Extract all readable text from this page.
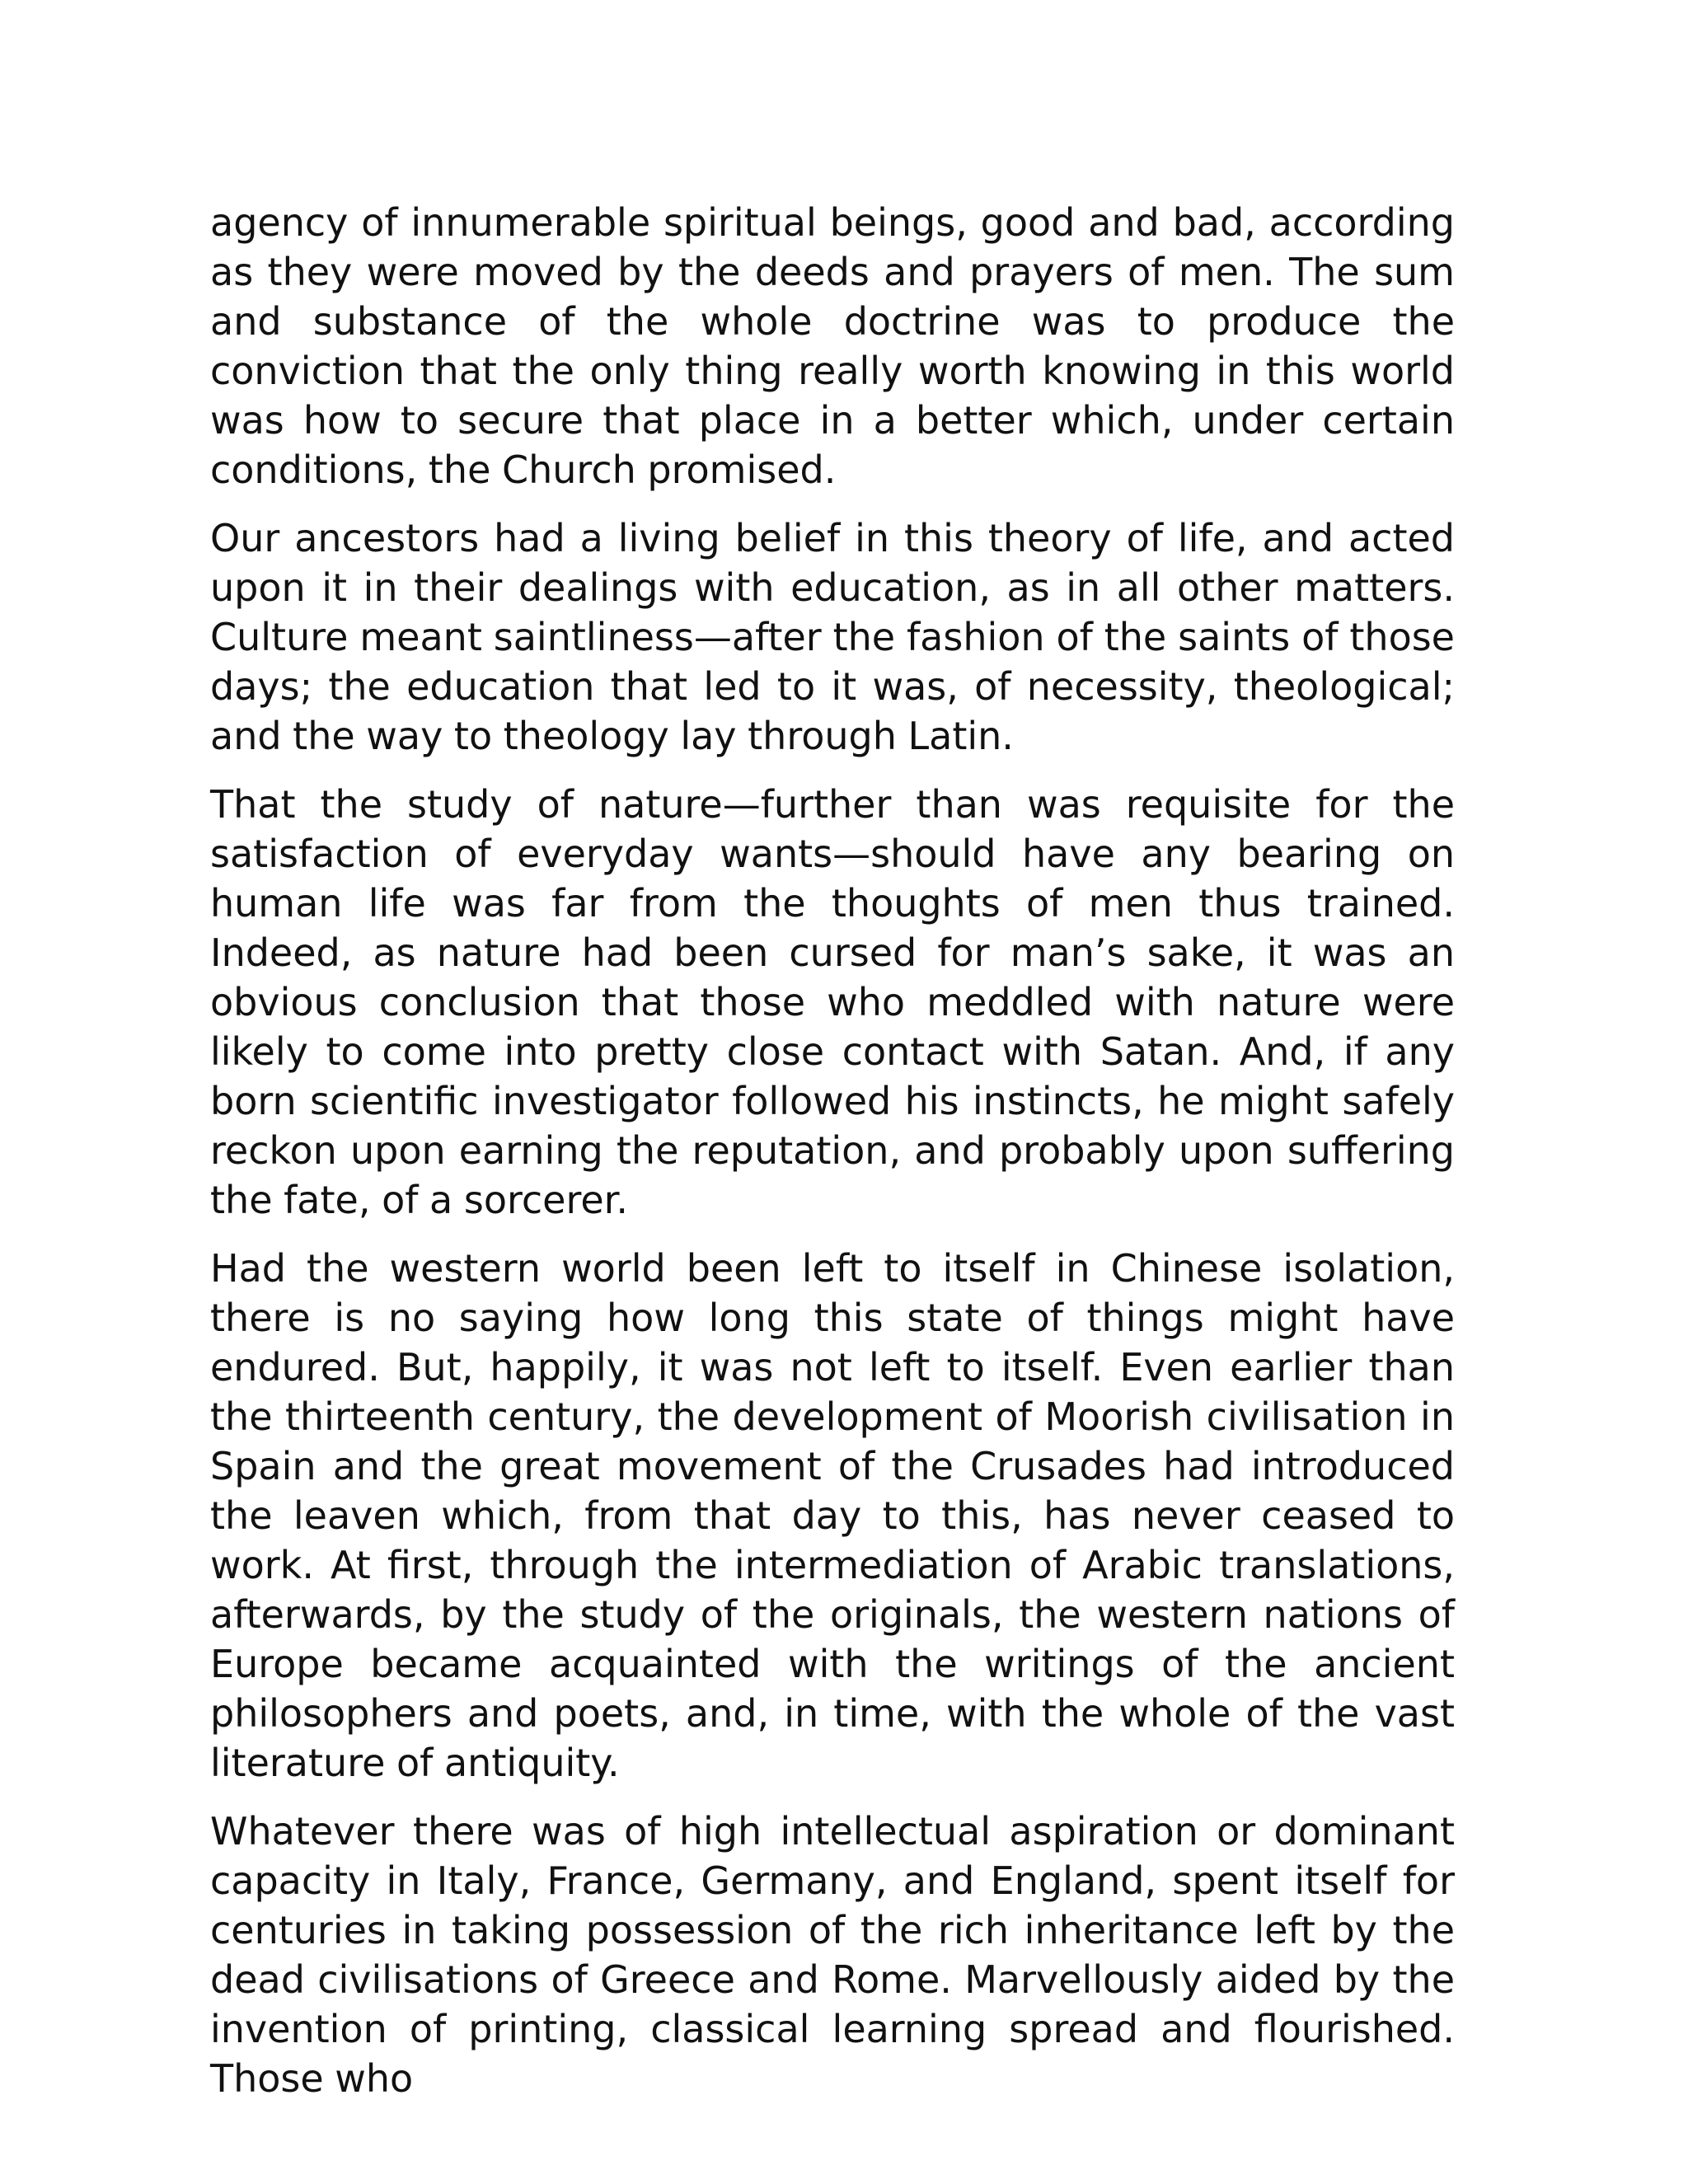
agency of innumerable spiritual beings, good and bad, according as they were moved by the deeds and prayers of men. The sum and substance of the whole doctrine was to produce the conviction that the only thing really worth knowing in this world was how to secure that place in a better which, under certain conditions, the Church promised.

Our ancestors had a living belief in this theory of life, and acted upon it in their dealings with education, as in all other matters. Culture meant saintliness—after the fashion of the saints of those days; the education that led to it was, of necessity, theological; and the way to theology lay through Latin.

That the study of nature—further than was requisite for the satisfaction of everyday wants—should have any bearing on human life was far from the thoughts of men thus trained. Indeed, as nature had been cursed for man’s sake, it was an obvious conclusion that those who meddled with nature were likely to come into pretty close contact with Satan. And, if any born scientific investigator followed his instincts, he might safely reckon upon earning the reputation, and probably upon suffering the fate, of a sorcerer.

Had the western world been left to itself in Chinese isolation, there is no saying how long this state of things might have endured. But, happily, it was not left to itself. Even earlier than the thirteenth century, the development of Moorish civilisation in Spain and the great movement of the Crusades had introduced the leaven which, from that day to this, has never ceased to work. At first, through the intermediation of Arabic translations, afterwards, by the study of the originals, the western nations of Europe became acquainted with the writings of the ancient philosophers and poets, and, in time, with the whole of the vast literature of antiquity.

Whatever there was of high intellectual aspiration or dominant capacity in Italy, France, Germany, and England, spent itself for centuries in taking possession of the rich inheritance left by the dead civilisations of Greece and Rome. Marvellously aided by the invention of printing, classical learning spread and flourished. Those who
